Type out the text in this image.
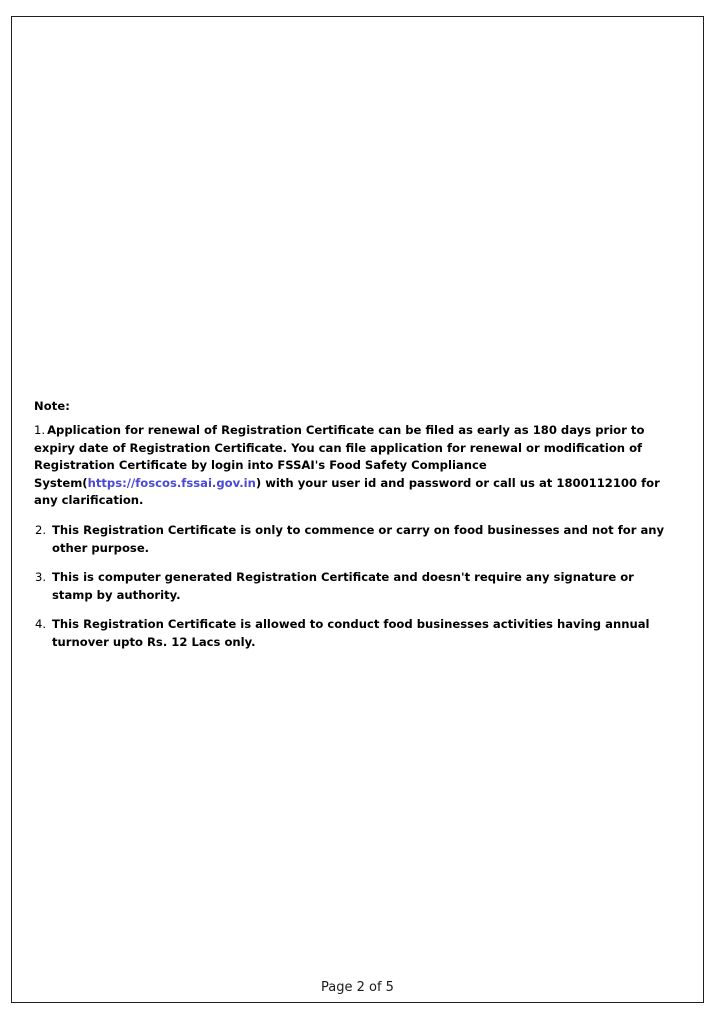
Note:
1. Application for renewal of Registration Certificate can be filed as early as 180 days prior to expiry date of Registration Certificate. You can file application for renewal or modification of Registration Certificate by login into FSSAI's Food Safety Compliance System(https://foscos.fssai.gov.in) with your user id and password or call us at 1800112100 for any clarification.
2. This Registration Certificate is only to commence or carry on food businesses and not for any other purpose.
3. This is computer generated Registration Certificate and doesn't require any signature or stamp by authority.
4. This Registration Certificate is allowed to conduct food businesses activities having annual turnover upto Rs. 12 Lacs only.
Page 2 of 5
